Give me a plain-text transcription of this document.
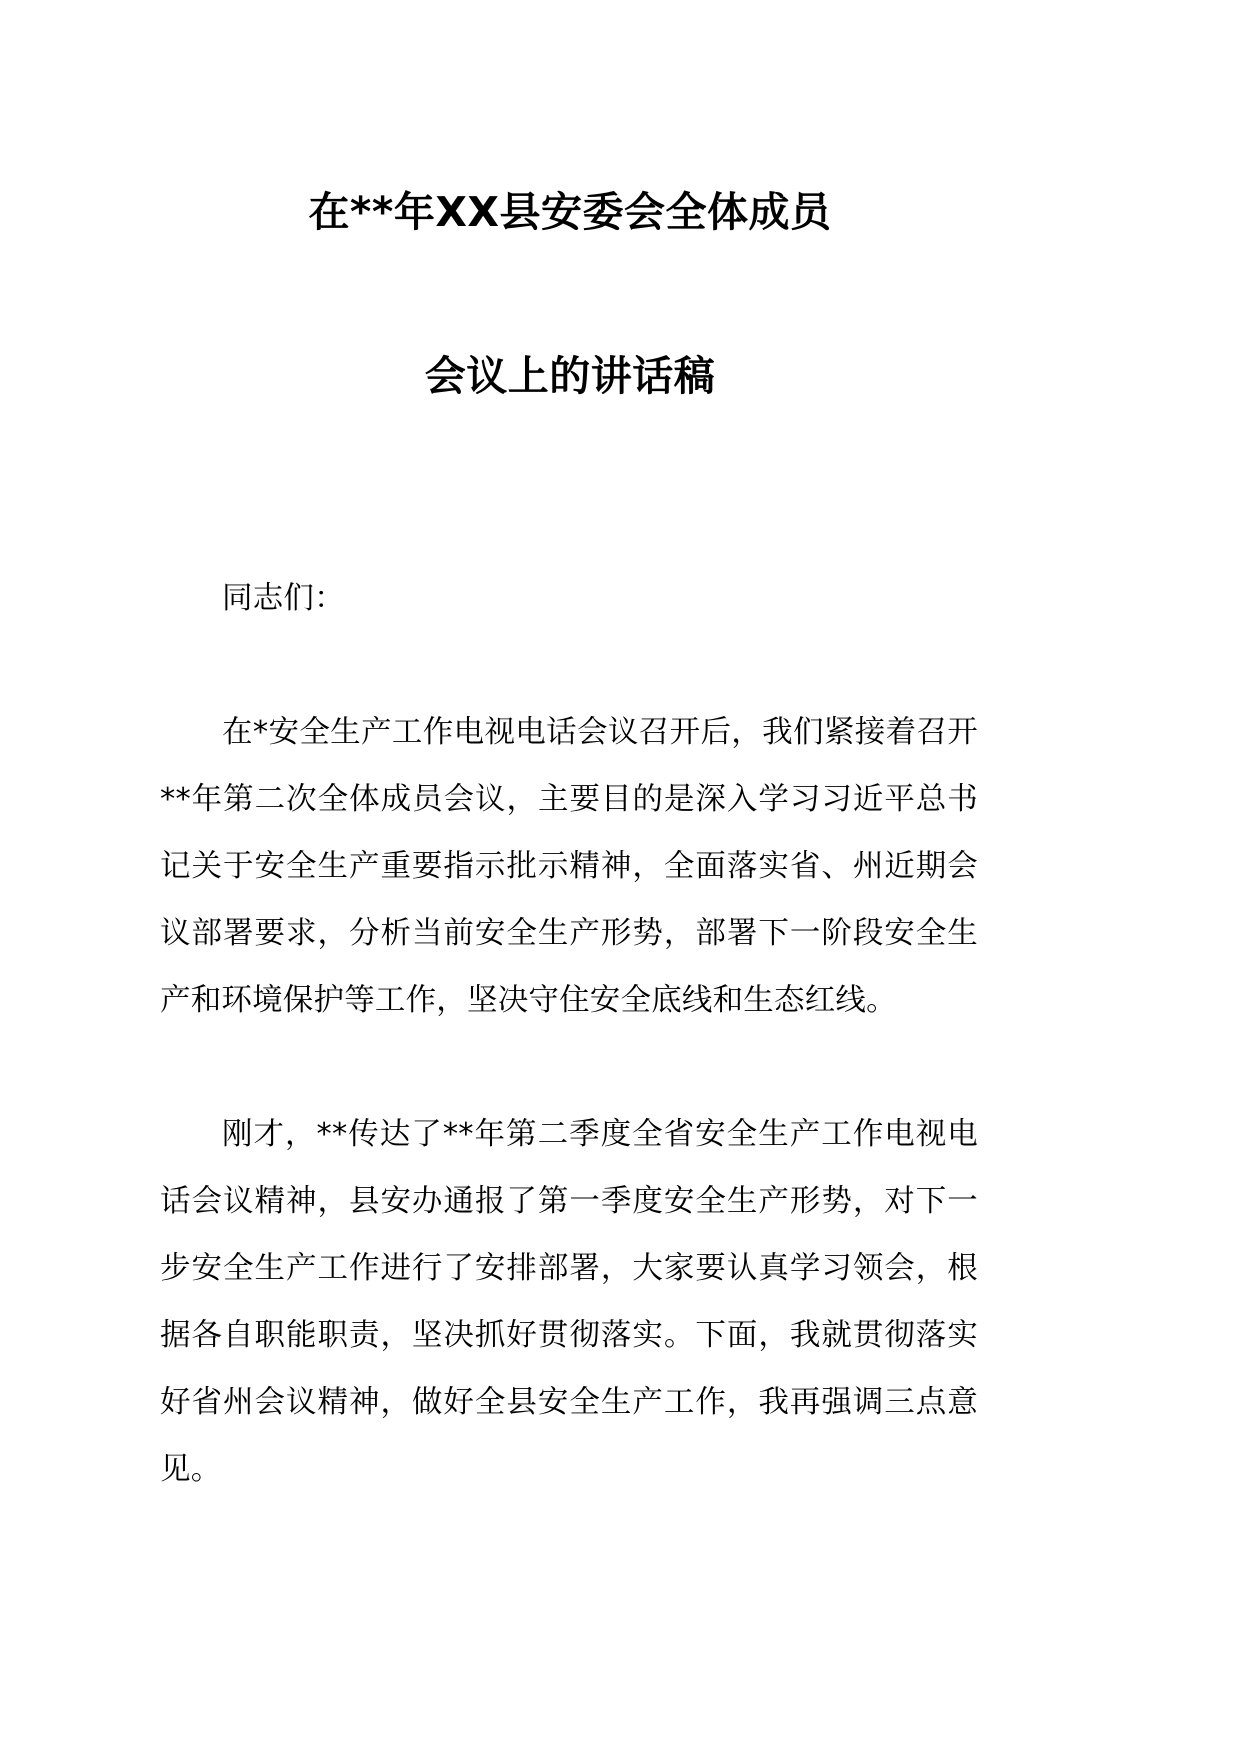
在**年XX县安委会全体成员
会议上的讲话稿

同志们：

在*安全生产工作电视电话会议召开后，我们紧接着召开**年第二次全体成员会议，主要目的是深入学习习近平总书记关于安全生产重要指示批示精神，全面落实省、州近期会议部署要求，分析当前安全生产形势，部署下一阶段安全生产和环境保护等工作，坚决守住安全底线和生态红线。

刚才，**传达了**年第二季度全省安全生产工作电视电话会议精神，县安办通报了第一季度安全生产形势，对下一步安全生产工作进行了安排部署，大家要认真学习领会，根据各自职能职责，坚决抓好贯彻落实。下面，我就贯彻落实好省州会议精神，做好全县安全生产工作，我再强调三点意见。
